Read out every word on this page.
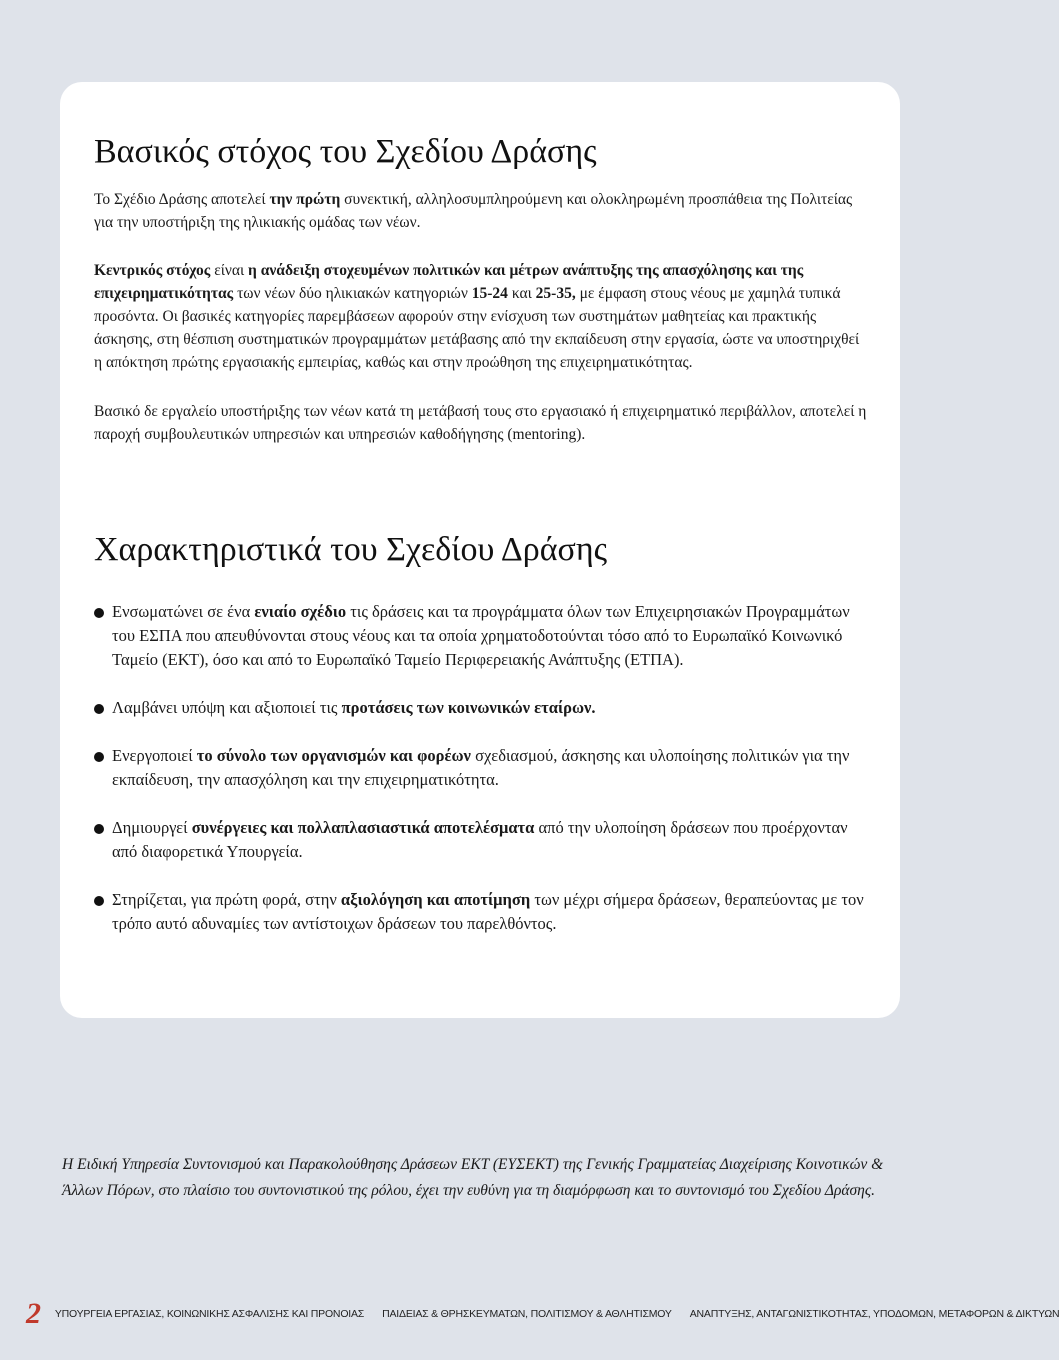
Βασικός στόχος του Σχεδίου Δράσης

Το Σχέδιο Δράσης αποτελεί την πρώτη συνεκτική, αλληλοσυμπληρούμενη και ολοκληρωμένη προσπάθεια της Πολιτείας για την υποστήριξη της ηλικιακής ομάδας των νέων.

Κεντρικός στόχος είναι η ανάδειξη στοχευμένων πολιτικών και μέτρων ανάπτυξης της απασχόλησης και της επιχειρηματικότητας των νέων δύο ηλικιακών κατηγοριών 15-24 και 25-35, με έμφαση στους νέους με χαμηλά τυπικά προσόντα. Οι βασικές κατηγορίες παρεμβάσεων αφορούν στην ενίσχυση των συστημάτων μαθητείας και πρακτικής άσκησης, στη θέσπιση συστηματικών προγραμμάτων μετάβασης από την εκπαίδευση στην εργασία, ώστε να υποστηριχθεί η απόκτηση πρώτης εργασιακής εμπειρίας, καθώς και στην προώθηση της επιχειρηματικότητας.

Βασικό δε εργαλείο υποστήριξης των νέων κατά τη μετάβασή τους στο εργασιακό ή επιχειρηματικό περιβάλλον, αποτελεί η παροχή συμβουλευτικών υπηρεσιών και υπηρεσιών καθοδήγησης (mentoring).

Χαρακτηριστικά του Σχεδίου Δράσης
Ενσωματώνει σε ένα ενιαίο σχέδιο τις δράσεις και τα προγράμματα όλων των Επιχειρησιακών Προγραμμάτων του ΕΣΠΑ που απευθύνονται στους νέους και τα οποία χρηματοδοτούνται τόσο από το Ευρωπαϊκό Κοινωνικό Ταμείο (ΕΚΤ), όσο και από το Ευρωπαϊκό Ταμείο Περιφερειακής Ανάπτυξης (ΕΤΠΑ).
Λαμβάνει υπόψη και αξιοποιεί τις προτάσεις των κοινωνικών εταίρων.
Ενεργοποιεί το σύνολο των οργανισμών και φορέων σχεδιασμού, άσκησης και υλοποίησης πολιτικών για την εκπαίδευση, την απασχόληση και την επιχειρηματικότητα.
Δημιουργεί συνέργειες και πολλαπλασιαστικά αποτελέσματα από την υλοποίηση δράσεων που προέρχονταν από διαφορετικά Υπουργεία.
Στηρίζεται, για πρώτη φορά, στην αξιολόγηση και αποτίμηση των μέχρι σήμερα δράσεων, θεραπεύοντας με τον τρόπο αυτό αδυναμίες των αντίστοιχων δράσεων του παρελθόντος.

Η Ειδική Υπηρεσία Συντονισμού και Παρακολούθησης Δράσεων ΕΚΤ (ΕΥΣΕΚΤ) της Γενικής Γραμματείας Διαχείρισης Κοινοτικών & Άλλων Πόρων, στο πλαίσιο του συντονιστικού της ρόλου, έχει την ευθύνη για τη διαμόρφωση και το συντονισμό του Σχεδίου Δράσης.

2 ΥΠΟΥΡΓΕΙΑ ΕΡΓΑΣΙΑΣ, ΚΟΙΝΩΝΙΚΗΣ ΑΣΦΑΛΙΣΗΣ ΚΑΙ ΠΡΟΝΟΙΑΣ ΠΑΙΔΕΙΑΣ & ΘΡΗΣΚΕΥΜΑΤΩΝ, ΠΟΛΙΤΙΣΜΟΥ & ΑΘΛΗΤΙΣΜΟΥ ΑΝΑΠΤΥΞΗΣ, ΑΝΤΑΓΩΝΙΣΤΙΚΟΤΗΤΑΣ, ΥΠΟΔΟΜΩΝ, ΜΕΤΑΦΟΡΩΝ & ΔΙΚΤΥΩΝ
